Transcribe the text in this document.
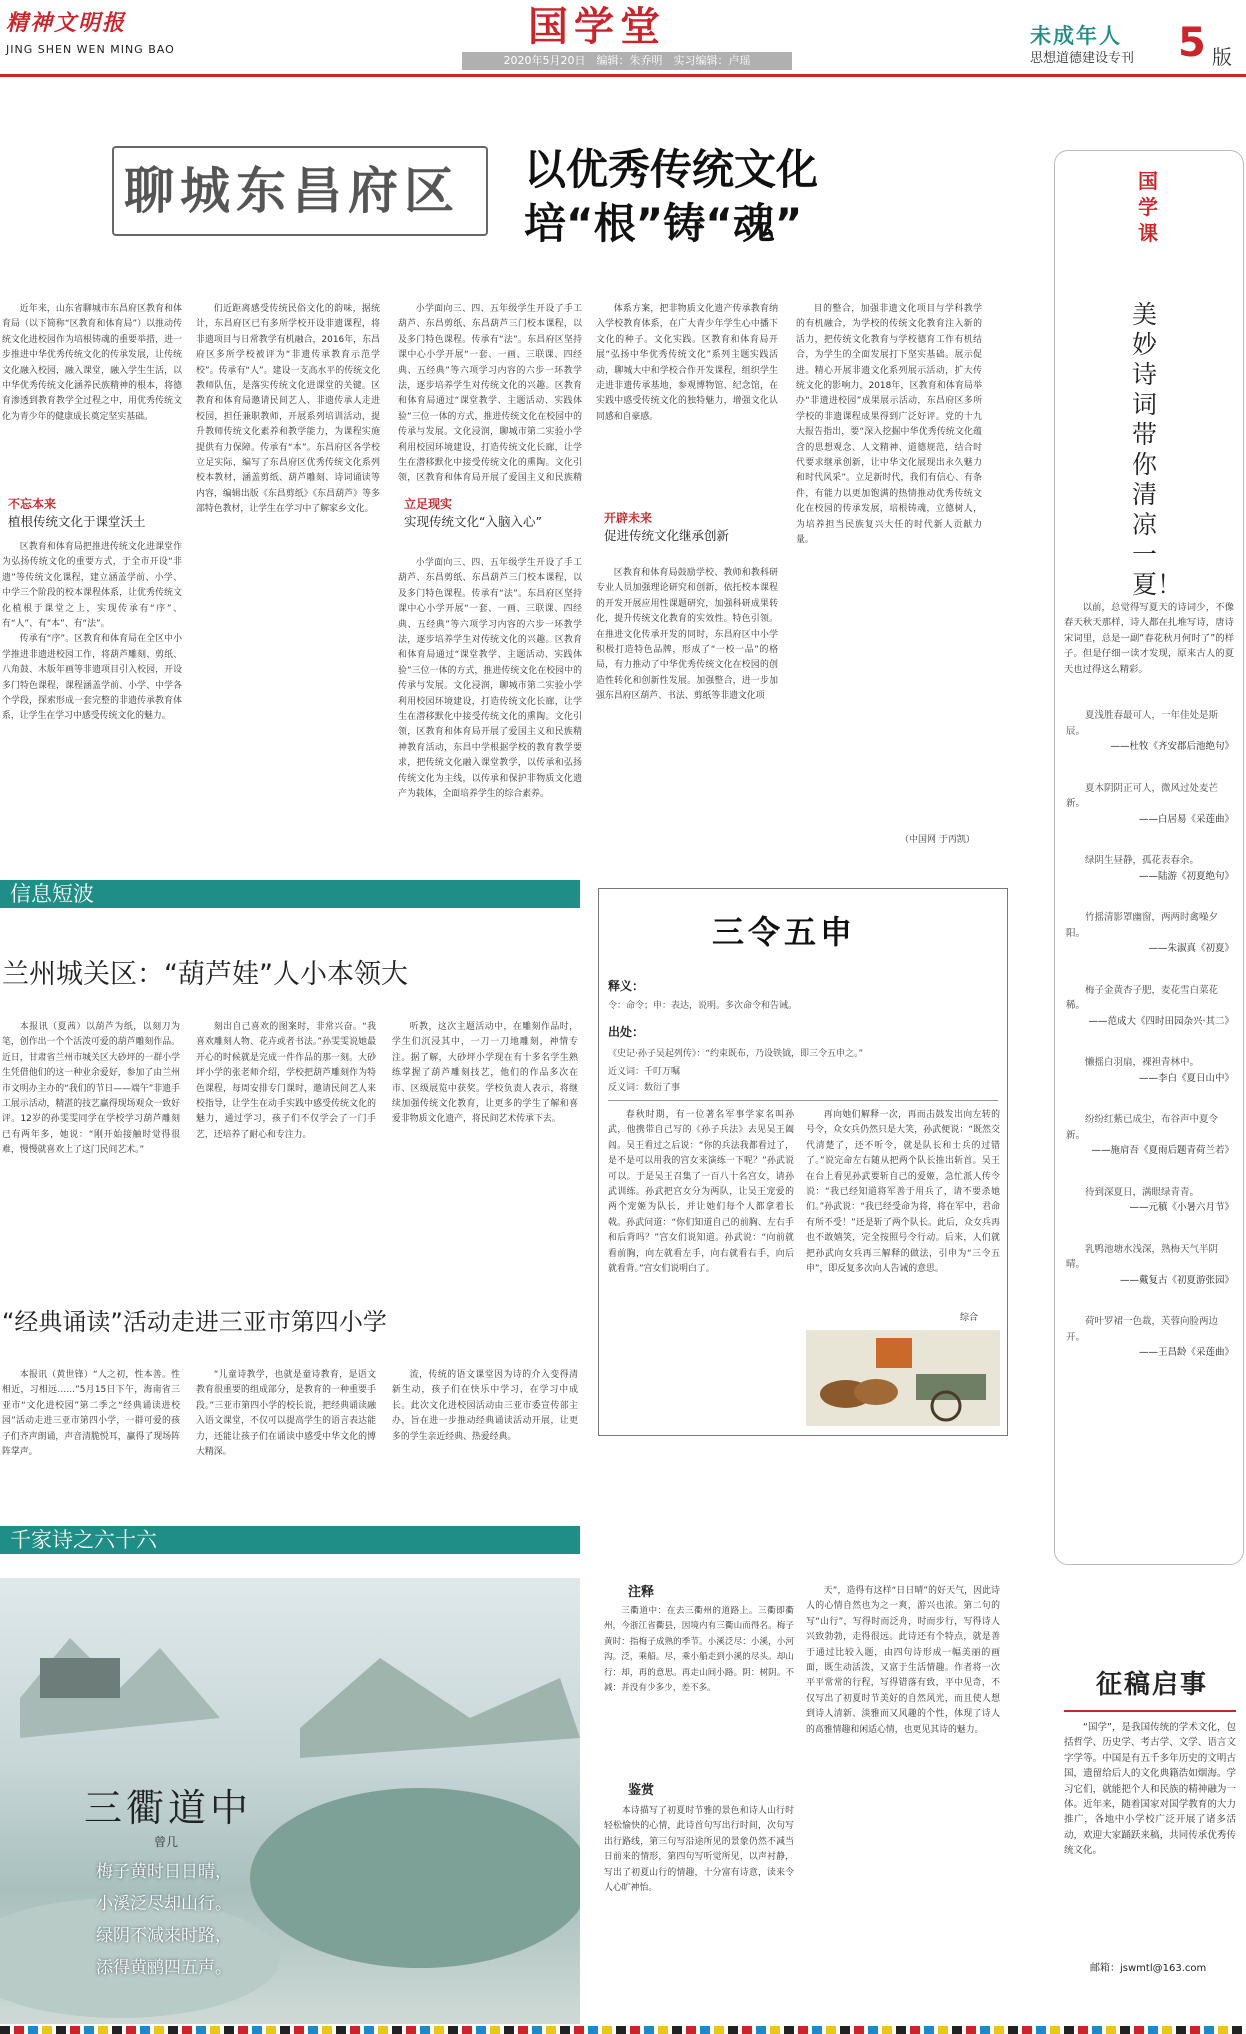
精神文明报
JING SHEN WEN MING BAO	国学堂
2020年5月20日　编辑：朱乔明　实习编辑：卢瑶
未成年人
思想道德建设专刊 5 版
聊城东昌府区	以优秀传统文化
培“根”铸“魂”

近年来，山东省聊城市东昌府区教育和体育局（以下简称“区教育和体育局”）以推动传统文化进校园作为培根铸魂的重要举措，进一步推进中华优秀传统文化的传承发展，让传统文化融入校园，融入课堂，融入学生生活，以中华优秀传统文化涵养民族精神的根本，将德育渗透到教育教学全过程之中，用优秀传统文化为青少年的健康成长奠定坚实基础。

不忘本来
植根传统文化于课堂沃土

区教育和体育局把推进传统文化进课堂作为弘扬传统文化的重要方式，于全市开设“非遗”等传统文化课程，建立涵盖学前、小学、中学三个阶段的校本课程体系，让优秀传统文化植根于课堂之上，实现传承有“序”、有“人”、有“本”、有“法”。

传承有“序”。区教育和体育局在全区中小学推进非遗进校园工作，将葫芦雕刻、剪纸、八角鼓、木版年画等非遗项目引入校园，开设多门特色课程，课程涵盖学前、小学、中学各个学段，探索形成一套完整的非遗传承教育体系，让学生在学习中感受传统文化的魅力。

们近距离感受传统民俗文化的韵味，据统计，东昌府区已有多所学校开设非遗课程，将非遗项目与日常教学有机融合，2016年，东昌府区多所学校被评为“非遗传承教育示范学校”。传承有“人”。建设一支高水平的传统文化教师队伍，是落实传统文化进课堂的关键。区教育和体育局邀请民间艺人、非遗传承人走进校园，担任兼职教师，开展系列培训活动，提升教师传统文化素养和教学能力，为课程实施提供有力保障。传承有“本”。东昌府区各学校立足实际，编写了东昌府区优秀传统文化系列校本教材，涵盖剪纸、葫芦雕刻、诗词诵读等内容，编辑出版《东昌剪纸》《东昌葫芦》等多部特色教材，让学生在学习中了解家乡文化。

小学面向三、四、五年级学生开设了手工葫芦、东昌剪纸、东昌葫芦三门校本课程，以及多门特色课程。传承有“法”。东昌府区坚持课中心小学开展“一套、一画、三联课、四经典、五经典”等六项学习内容的六步一环教学法，逐步培养学生对传统文化的兴趣。区教育和体育局通过“课堂教学、主题活动、实践体验”三位一体的方式，推进传统文化在校园中的传承与发展。文化浸润，聊城市第二实验小学利用校园环境建设，打造传统文化长廊，让学生在潜移默化中接受传统文化的熏陶。文化引领，区教育和体育局开展了爱国主义和民族精

立足现实
实现传统文化“入脑入心”

小学面向三、四、五年级学生开设了手工葫芦、东昌剪纸、东昌葫芦三门校本课程，以及多门特色课程。传承有“法”。东昌府区坚持课中心小学开展“一套、一画、三联课、四经典、五经典”等六项学习内容的六步一环教学法，逐步培养学生对传统文化的兴趣。区教育和体育局通过“课堂教学、主题活动、实践体验”三位一体的方式，推进传统文化在校园中的传承与发展。文化浸润，聊城市第二实验小学利用校园环境建设，打造传统文化长廊，让学生在潜移默化中接受传统文化的熏陶。文化引领，区教育和体育局开展了爱国主义和民族精神教育活动，东昌中学根据学校的教育教学要求，把传统文化融入课堂教学，以传承和弘扬传统文化为主线，以传承和保护非物质文化遗产为载体，全面培养学生的综合素养。

体系方案，把非物质文化遗产传承教育纳入学校教育体系，在广大青少年学生心中播下文化的种子。文化实践。区教育和体育局开展“弘扬中华优秀传统文化”系列主题实践活动，聊城大中和学校合作开发课程，组织学生走进非遗传承基地，参观博物馆、纪念馆，在实践中感受传统文化的独特魅力，增强文化认同感和自豪感。

开辟未来
促进传统文化继承创新

区教育和体育局鼓励学校、教师和教科研专业人员加强理论研究和创新，依托校本课程的开发开展应用性课题研究，加强科研成果转化，提升传统文化教育的实效性。特色引领。在推进文化传承开发的同时，东昌府区中小学积极打造特色品牌，形成了“一校一品”的格局，有力推动了中华优秀传统文化在校园的创造性转化和创新性发展。加强整合，进一步加强东昌府区葫芦、书法、剪纸等非遗文化项

目的整合，加强非遗文化项目与学科教学的有机融合，为学校的传统文化教育注入新的活力，把传统文化教育与学校德育工作有机结合，为学生的全面发展打下坚实基础。展示促进。精心开展非遗文化系列展示活动，扩大传统文化的影响力，2018年，区教育和体育局举办“非遗进校园”成果展示活动，东昌府区多所学校的非遗课程成果得到广泛好评。党的十九大报告指出，要“深入挖掘中华优秀传统文化蕴含的思想观念、人文精神、道德规范，结合时代要求继承创新，让中华文化展现出永久魅力和时代风采”。立足新时代，我们有信心、有条件，有能力以更加饱满的热情推动优秀传统文化在校园的传承发展，培根铸魂，立德树人，为培养担当民族复兴大任的时代新人贡献力量。

（中国网 于丙凯）
国学课
美妙诗词带你清凉一夏！

以前，总觉得写夏天的诗词少，不像春天秋天那样，诗人都在扎堆写诗，唐诗宋词里，总是一副“春花秋月何时了”的样子。但是仔细一读才发现，原来古人的夏天也过得这么精彩。

夏浅胜春最可人，一年佳处是斯辰。
——杜牧《齐安郡后池绝句》
夏木阴阴正可人，微风过处麦芒新。
——白居易《采莲曲》
绿阴生昼静，孤花表春余。
——陆游《初夏绝句》
竹摇清影罩幽窗，两两时禽噪夕阳。
——朱淑真《初夏》
梅子金黄杏子肥，麦花雪白菜花稀。
——范成大《四时田园杂兴·其二》
懒摇白羽扇，裸袒青林中。
——李白《夏日山中》
纷纷红紫已成尘，布谷声中夏令新。
——施肩吾《夏雨后题青荷兰若》
待到深夏日，满眼绿青青。
——元稹《小暑六月节》
乳鸭池塘水浅深，熟梅天气半阴晴。
——戴复古《初夏游张园》
荷叶罗裙一色裁，芙蓉向脸两边开。
——王昌龄《采莲曲》
征稿启事

“国学”，是我国传统的学术文化，包括哲学、历史学、考古学、文学、语言文字学等。中国是有五千多年历史的文明古国，遗留给后人的文化典籍浩如烟海。学习它们，就能把个人和民族的精神融为一体。近年来，随着国家对国学教育的大力推广，各地中小学校广泛开展了诸多活动，欢迎大家踊跃来稿，共同传承优秀传统文化。

邮箱：jswmtl@163.com
信息短波
兰州城关区：“葫芦娃”人小本领大

本报讯（夏茜）以葫芦为纸，以刻刀为笔，创作出一个个活泼可爱的葫芦雕刻作品。近日，甘肃省兰州市城关区大砂坪的一群小学生凭借他们的这一种业余爱好，参加了由兰州市文明办主办的“我们的节日——端午”非遗手工展示活动，精湛的技艺赢得现场观众一致好评。12岁的孙雯雯同学在学校学习葫芦雕刻已有两年多，她说：“刚开始接触时觉得很难，慢慢就喜欢上了这门民间艺术。”

刻出自己喜欢的图案时，非常兴奋。“我喜欢雕刻人物、花卉或者书法。”孙雯雯说她最开心的时候就是完成一件作品的那一刻。大砂坪小学的张老师介绍，学校把葫芦雕刻作为特色课程，每周安排专门课时，邀请民间艺人来校指导，让学生在动手实践中感受传统文化的魅力，通过学习，孩子们不仅学会了一门手艺，还培养了耐心和专注力。

听教，这次主题活动中，在雕刻作品时，学生们沉浸其中，一刀一刀地雕刻，神情专注。据了解，大砂坪小学现在有十多名学生熟练掌握了葫芦雕刻技艺，他们的作品多次在市、区级展览中获奖。学校负责人表示，将继续加强传统文化教育，让更多的学生了解和喜爱非物质文化遗产，将民间艺术传承下去。

“经典诵读”活动走进三亚市第四小学

本报讯（黄世锋）“人之初，性本善。性相近，习相远……”5月15日下午，海南省三亚市“文化进校园”第二季之“经典诵读进校园”活动走进三亚市第四小学，一群可爱的孩子们齐声朗诵，声音清脆悦耳，赢得了现场阵阵掌声。

“儿童诗教学，也就是童诗教育，是语文教育很重要的组成部分，是教育的一种重要手段。”三亚市第四小学的校长说，把经典诵读融入语文课堂，不仅可以提高学生的语言表达能力，还能让孩子们在诵读中感受中华文化的博大精深。

流，传统的语文课堂因为诗的介入变得清新生动，孩子们在快乐中学习，在学习中成长。此次文化进校园活动由三亚市委宣传部主办，旨在进一步推动经典诵读活动开展，让更多的学生亲近经典、热爱经典。

三令五申
释义：
令：命令；申：表达，说明。多次命令和告诫。
出处：
《史记·孙子吴起列传》：“约束既布，乃设铁钺，即三令五申之。”
近义词：千叮万嘱
反义词：数衍了事

春秋时期，有一位著名军事学家名叫孙武，他携带自己写的《孙子兵法》去见吴王阖闾。吴王看过之后说：“你的兵法我都看过了，是不是可以用我的宫女来演练一下呢？”孙武说可以。于是吴王召集了一百八十名宫女，请孙武训练。孙武把宫女分为两队，让吴王宠爱的两个宠姬为队长，并让她们每个人都拿着长戟。孙武问道：“你们知道自己的前胸、左右手和后背吗？”宫女们说知道。孙武说：“向前就看前胸，向左就看左手，向右就看右手，向后就看背。”宫女们说明白了。

再向她们解释一次，再而击鼓发出向左转的号令，众女兵仍然只是大笑，孙武便说：“既然交代清楚了，还不听令，就是队长和士兵的过错了。”说完命左右随从把两个队长推出斩首。吴王在台上看见孙武要斩自己的爱姬，急忙派人传令说：“我已经知道将军善于用兵了，请不要杀她们。”孙武说：“我已经受命为将，将在军中，君命有所不受！”还是斩了两个队长。此后，众女兵再也不敢嬉笑，完全按照号令行动。后来，人们就把孙武向女兵再三解释的做法，引申为“三令五申”，即反复多次向人告诫的意思。

综合
千家诗之六十六
三衢道中
曾几
梅子黄时日日晴，
小溪泛尽却山行。
绿阴不减来时路，
添得黄鹂四五声。
注释

三衢道中：在去三衢州的道路上。三衢即衢州，今浙江省衢县，因境内有三衢山而得名。梅子黄时：指梅子成熟的季节。小溪泛尽：小溪，小河沟。泛，乘船。尽，乘小船走到小溪的尽头。却山行：却，再的意思。再走山间小路。阴：树阴。不减：并没有少多少，差不多。

鉴赏

本诗描写了初夏时节雅的景色和诗人山行时轻松愉快的心情，此诗首句写出行时间，次句写出行路线，第三句写沿途所见的景象仍然不减当日前来的情形，第四句写听觉所见，以声衬静，写出了初夏山行的情趣，十分富有诗意，读来令人心旷神怡。

天”，造得有这样“日日晴”的好天气，因此诗人的心情自然也为之一爽，游兴也浓。第二句的写“山行”，写得时而泛舟，时而步行，写得诗人兴致勃勃，走得很远。此诗还有个特点，就是善于通过比较入题，由四句诗形成一幅美丽的画面，既生动活泼，又富于生活情趣。作者将一次平平常常的行程，写得错落有致，平中见奇，不仅写出了初夏时节美好的自然风光，而且使人想到诗人清新、淡雅而又风趣的个性，体现了诗人的高雅情趣和闲适心情，也更见其诗的魅力。
